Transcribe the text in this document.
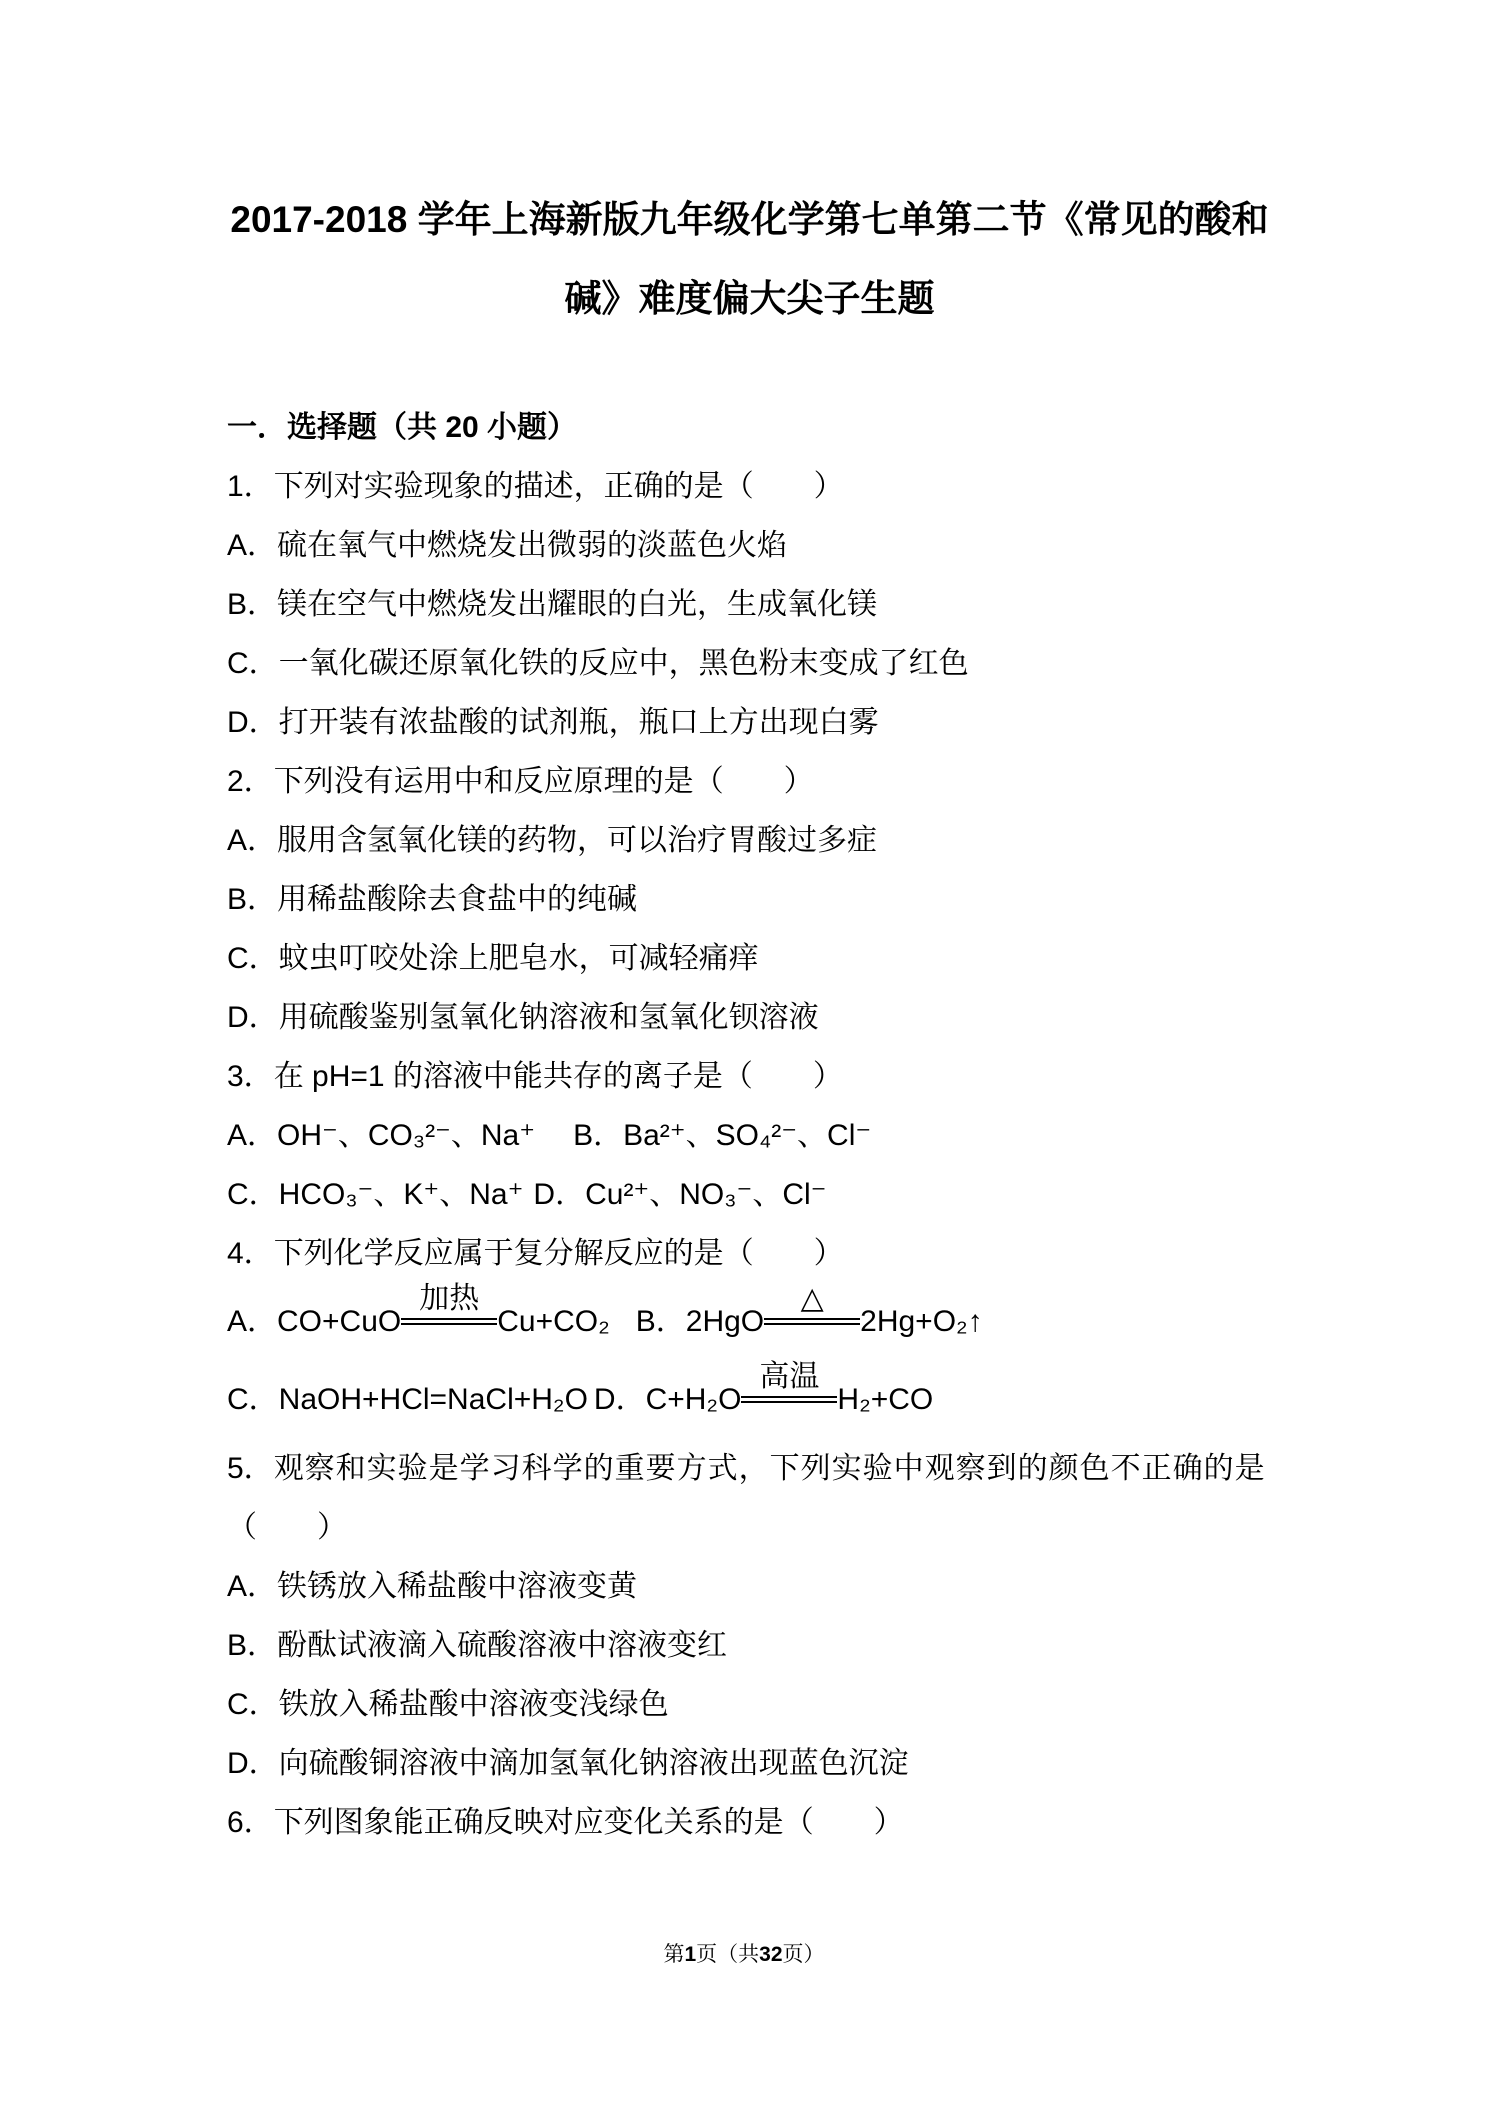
2017-2018 学年上海新版九年级化学第七单第二节《常见的酸和碱》难度偏大尖子生题
一．选择题（共 20 小题）
1．下列对实验现象的描述，正确的是（　　）
A．硫在氧气中燃烧发出微弱的淡蓝色火焰
B．镁在空气中燃烧发出耀眼的白光，生成氧化镁
C．一氧化碳还原氧化铁的反应中，黑色粉末变成了红色
D．打开装有浓盐酸的试剂瓶，瓶口上方出现白雾
2．下列没有运用中和反应原理的是（　　）
A．服用含氢氧化镁的药物，可以治疗胃酸过多症
B．用稀盐酸除去食盐中的纯碱
C．蚊虫叮咬处涂上肥皂水，可减轻痛痒
D．用硫酸鉴别氢氧化钠溶液和氢氧化钡溶液
3．在 pH=1 的溶液中能共存的离子是（　　）
A．OH⁻、CO₃²⁻、Na⁺ B．Ba²⁺、SO₄²⁻、Cl⁻
C．HCO₃⁻、K⁺、Na⁺ D．Cu²⁺、NO₃⁻、Cl⁻
4．下列化学反应属于复分解反应的是（　　）
A．CO+CuO
加热
Cu+CO₂ B．2HgO
△
2Hg+O₂↑
C．NaOH+HCl=NaCl+H₂O D．C+H₂O
高温
H₂+CO
5．观察和实验是学习科学的重要方式，下列实验中观察到的颜色不正确的是
（　　）
A．铁锈放入稀盐酸中溶液变黄
B．酚酞试液滴入硫酸溶液中溶液变红
C．铁放入稀盐酸中溶液变浅绿色
D．向硫酸铜溶液中滴加氢氧化钠溶液出现蓝色沉淀
6．下列图象能正确反映对应变化关系的是（　　）
第1页（共32页）
